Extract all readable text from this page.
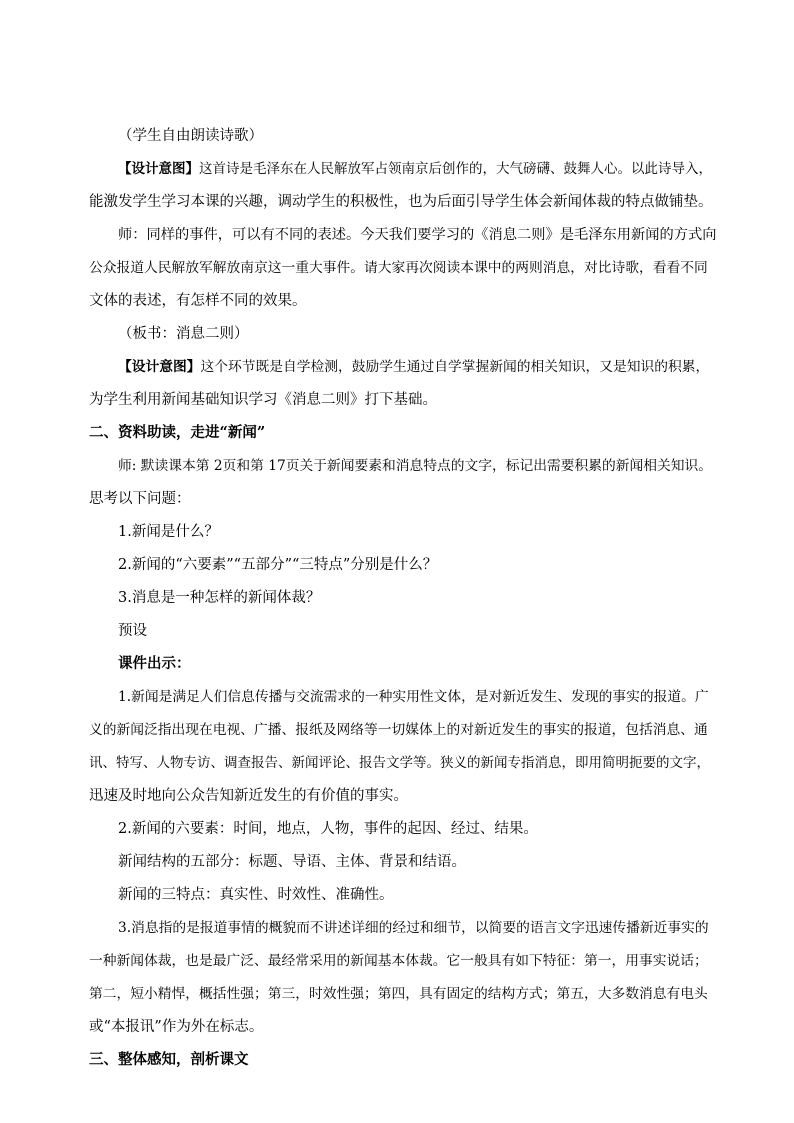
（学生自由朗读诗歌）
【设计意图】这首诗是毛泽东在人民解放军占领南京后创作的，大气磅礴、鼓舞人心。以此诗导入，
能激发学生学习本课的兴趣，调动学生的积极性，也为后面引导学生体会新闻体裁的特点做铺垫。
师：同样的事件，可以有不同的表述。今天我们要学习的《消息二则》是毛泽东用新闻的方式向
公众报道人民解放军解放南京这一重大事件。请大家再次阅读本课中的两则消息，对比诗歌，看看不同
文体的表述，有怎样不同的效果。
（板书：消息二则）
【设计意图】这个环节既是自学检测，鼓励学生通过自学掌握新闻的相关知识，又是知识的积累，
为学生利用新闻基础知识学习《消息二则》打下基础。
二、资料助读，走进“新闻”
师: 默读课本第 2页和第 17页关于新闻要素和消息特点的文字，标记出需要积累的新闻相关知识。
思考以下问题：
1.新闻是什么？
2.新闻的“六要素”“五部分”“三特点”分别是什么？
3.消息是一种怎样的新闻体裁？
预设
课件出示：
1.新闻是满足人们信息传播与交流需求的一种实用性文体，是对新近发生、发现的事实的报道。广
义的新闻泛指出现在电视、广播、报纸及网络等一切媒体上的对新近发生的事实的报道，包括消息、通
讯、特写、人物专访、调查报告、新闻评论、报告文学等。狭义的新闻专指消息，即用简明扼要的文字，
迅速及时地向公众告知新近发生的有价值的事实。
2.新闻的六要素：时间，地点，人物，事件的起因、经过、结果。
新闻结构的五部分：标题、导语、主体、背景和结语。
新闻的三特点：真实性、时效性、准确性。
3.消息指的是报道事情的概貌而不讲述详细的经过和细节，以简要的语言文字迅速传播新近事实的
一种新闻体裁，也是最广泛、最经常采用的新闻基本体裁。它一般具有如下特征：第一，用事实说话；
第二，短小精悍，概括性强；第三，时效性强；第四，具有固定的结构方式；第五，大多数消息有电头
或“本报讯”作为外在标志。
三、整体感知，剖析课文
